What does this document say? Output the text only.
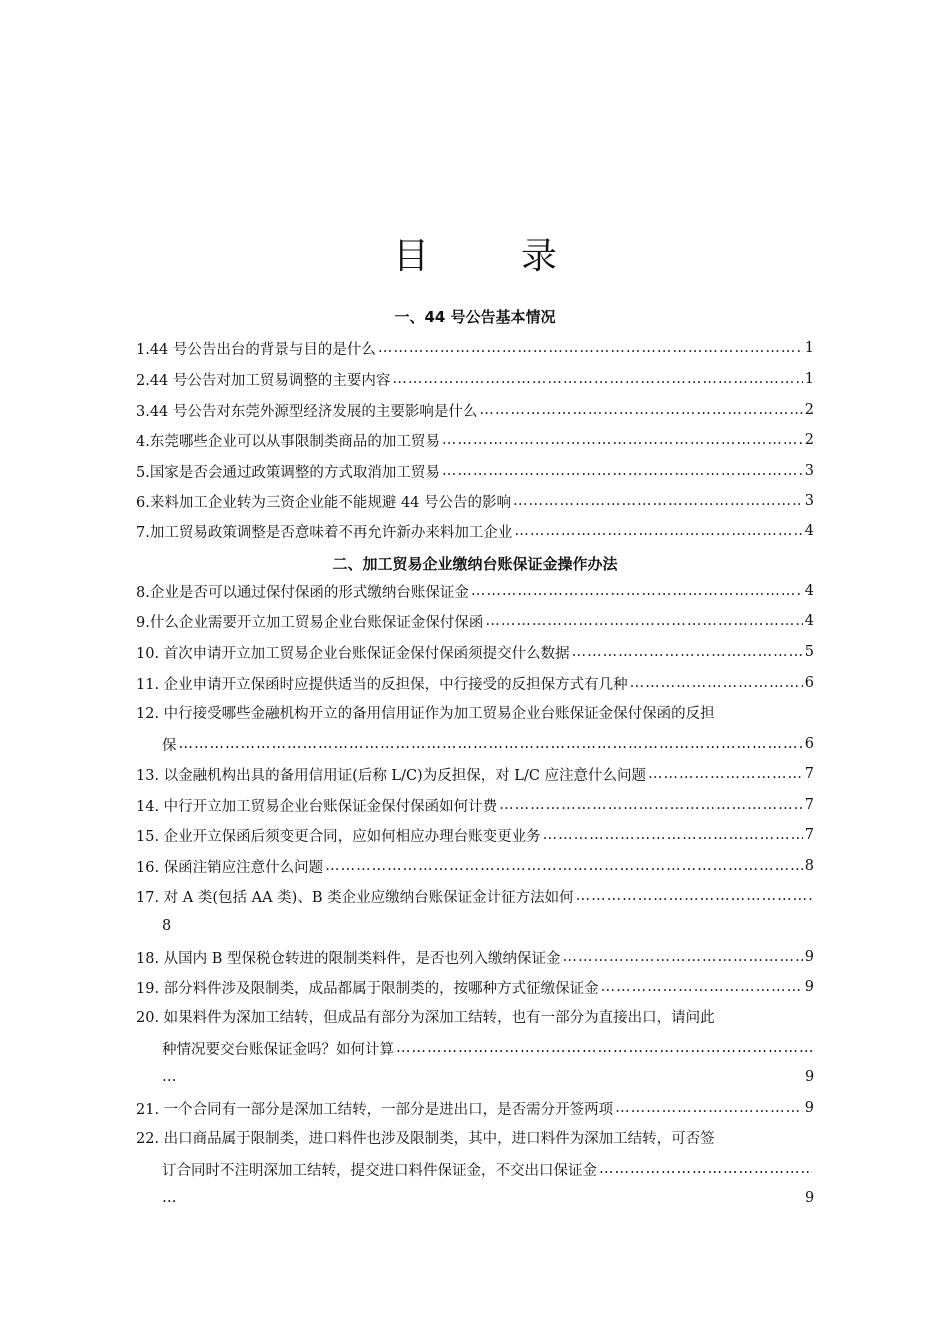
目　录
一、44 号公告基本情况
1.44 号公告出台的背景与目的是什么 ……………………………………………………………………………………………………………………………………………………………………………	1
2.44 号公告对加工贸易调整的主要内容 ……………………………………………………………………………………………………………………………………………………………………………	1
3.44 号公告对东莞外源型经济发展的主要影响是什么 ……………………………………………………………………………………………………………………………………………………………………………	2
4.东莞哪些企业可以从事限制类商品的加工贸易 ……………………………………………………………………………………………………………………………………………………………………………	2
5.国家是否会通过政策调整的方式取消加工贸易 ……………………………………………………………………………………………………………………………………………………………………………	3
6.来料加工企业转为三资企业能不能规避 44 号公告的影响 ……………………………………………………………………………………………………………………………………………………………………………	3
7.加工贸易政策调整是否意味着不再允许新办来料加工企业 ……………………………………………………………………………………………………………………………………………………………………………	4
二、加工贸易企业缴纳台账保证金操作办法
8.企业是否可以通过保付保函的形式缴纳台账保证金 ……………………………………………………………………………………………………………………………………………………………………………	4
9.什么企业需要开立加工贸易企业台账保证金保付保函 ……………………………………………………………………………………………………………………………………………………………………………	4
10. 首次申请开立加工贸易企业台账保证金保付保函须提交什么数据 ……………………………………………………………………………………………………………………………………………………………………………	5
11. 企业申请开立保函时应提供适当的反担保，中行接受的反担保方式有几种 ……………………………………………………………………………………………………………………………………………………………………………	6
12. 中行接受哪些金融机构开立的备用信用证作为加工贸易企业台账保证金保付保函的反担
保 ……………………………………………………………………………………………………………………………………………………………………………	6
13. 以金融机构出具的备用信用证(后称 L/C)为反担保，对 L/C 应注意什么问题 ……………………………………………………………………………………………………………………………………………………………………………	7
14. 中行开立加工贸易企业台账保证金保付保函如何计费 ……………………………………………………………………………………………………………………………………………………………………………	7
15. 企业开立保函后须变更合同，应如何相应办理台账变更业务 ……………………………………………………………………………………………………………………………………………………………………………	7
16. 保函注销应注意什么问题 ……………………………………………………………………………………………………………………………………………………………………………	8
17. 对 A 类(包括 AA 类)、B 类企业应缴纳台账保证金计征方法如何
……………………………………………………………………………………………………………………………………………………………………………
8
18. 从国内 B 型保税仓转进的限制类料件，是否也列入缴纳保证金 ……………………………………………………………………………………………………………………………………………………………………………	9
19. 部分料件涉及限制类，成品都属于限制类的，按哪种方式征缴保证金 ……………………………………………………………………………………………………………………………………………………………………………	9
20. 如果料件为深加工结转，但成品有部分为深加工结转，也有一部分为直接出口，请问此
种情况要交台账保证金吗？如何计算
……………………………………………………………………………………………………………………………………………………………………………
…	9
21. 一个合同有一部分是深加工结转，一部分是进出口，是否需分开签两项 ……………………………………………………………………………………………………………………………………………………………………………	9
22. 出口商品属于限制类，进口料件也涉及限制类，其中，进口料件为深加工结转，可否签
订合同时不注明深加工结转，提交进口料件保证金，不交出口保证金
……………………………………………………………………………………………………………………………………………………………………………
…	9
